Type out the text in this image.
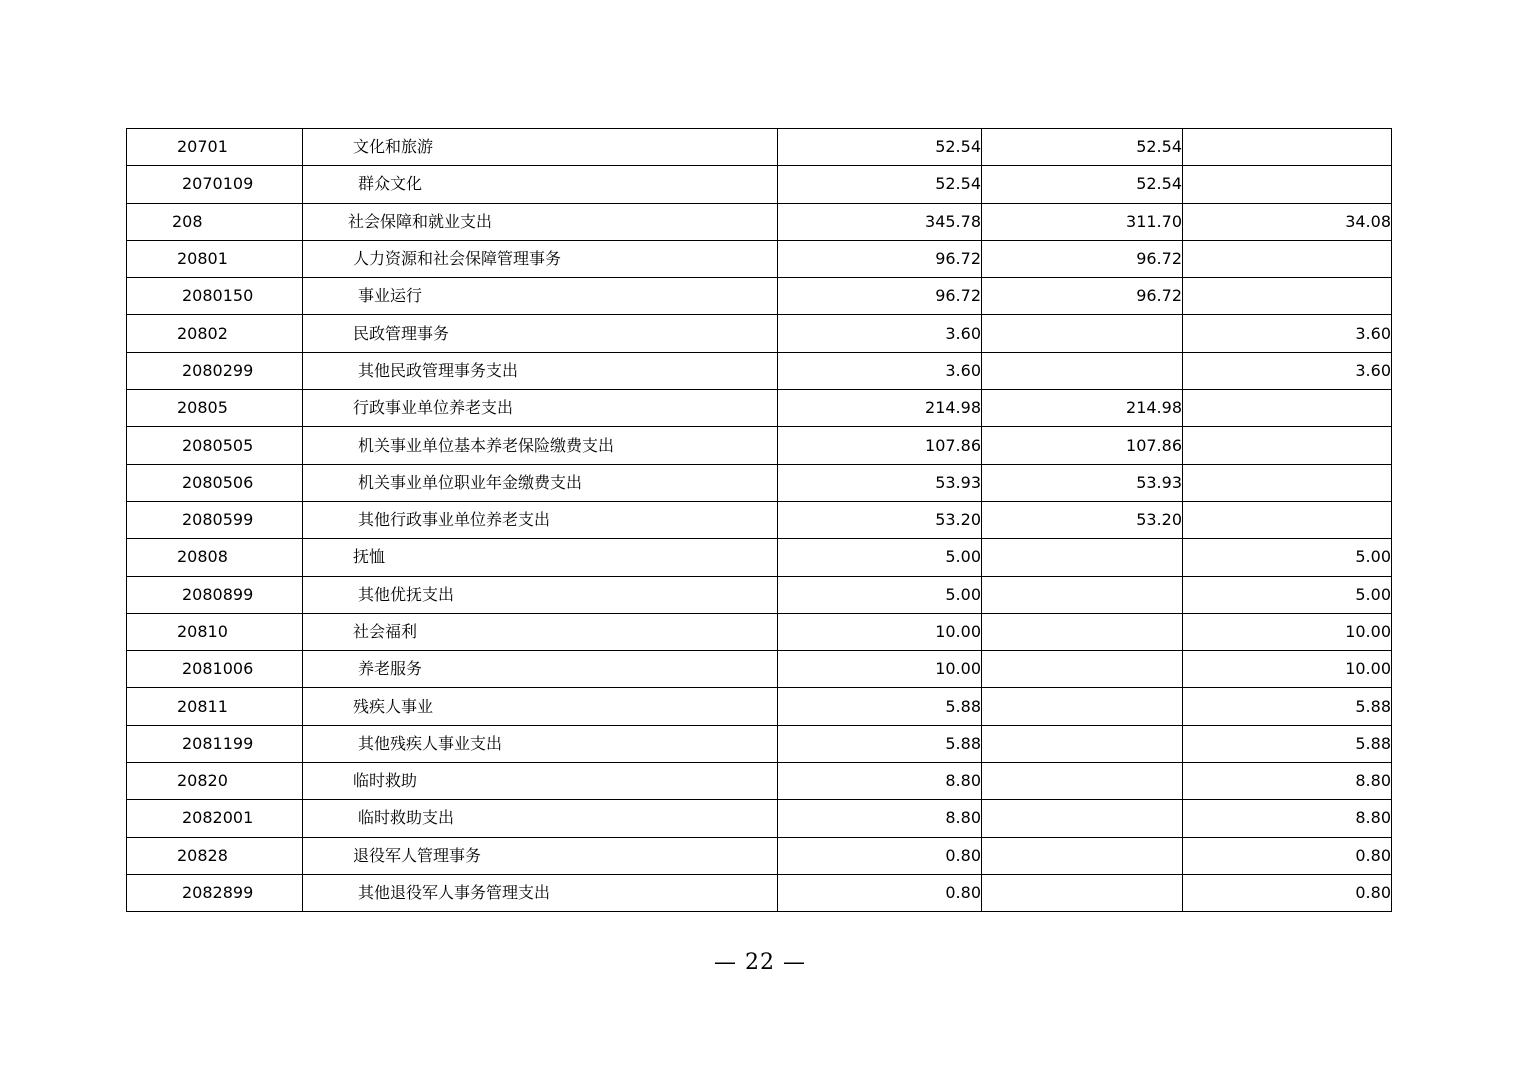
20701	文化和旅游	52.54	52.54	
2070109	群众文化	52.54	52.54	
208	社会保障和就业支出	345.78	311.70	34.08
20801	人力资源和社会保障管理事务	96.72	96.72	
2080150	事业运行	96.72	96.72	
20802	民政管理事务	3.60		3.60
2080299	其他民政管理事务支出	3.60		3.60
20805	行政事业单位养老支出	214.98	214.98	
2080505	机关事业单位基本养老保险缴费支出	107.86	107.86	
2080506	机关事业单位职业年金缴费支出	53.93	53.93	
2080599	其他行政事业单位养老支出	53.20	53.20	
20808	抚恤	5.00		5.00
2080899	其他优抚支出	5.00		5.00
20810	社会福利	10.00		10.00
2081006	养老服务	10.00		10.00
20811	残疾人事业	5.88		5.88
2081199	其他残疾人事业支出	5.88		5.88
20820	临时救助	8.80		8.80
2082001	临时救助支出	8.80		8.80
20828	退役军人管理事务	0.80		0.80
2082899	其他退役军人事务管理支出	0.80		0.80
— 22 —
